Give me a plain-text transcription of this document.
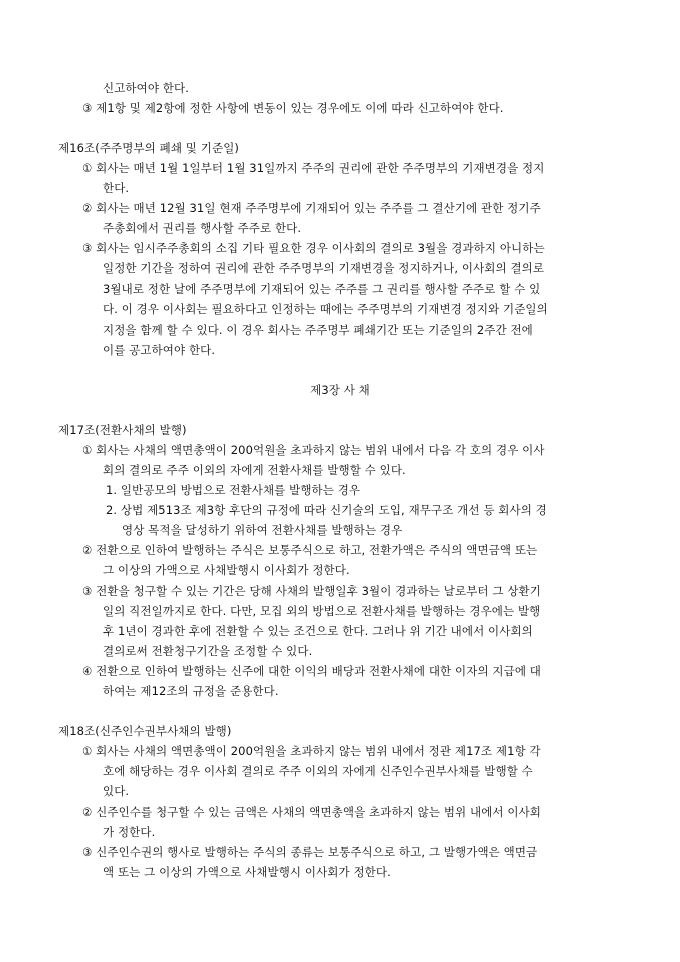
신고하여야 한다.
③ 제1항 및 제2항에 정한 사항에 변동이 있는 경우에도 이에 따라 신고하여야 한다.
제16조(주주명부의 폐쇄 및 기준일)
① 회사는 매년 1월 1일부터 1월 31일까지 주주의 권리에 관한 주주명부의 기재변경을 정지
한다.
② 회사는 매년 12월 31일 현재 주주명부에 기재되어 있는 주주를 그 결산기에 관한 정기주
주총회에서 권리를 행사할 주주로 한다.
③ 회사는 임시주주총회의 소집 기타 필요한 경우 이사회의 결의로 3월을 경과하지 아니하는
일정한 기간을 정하여 권리에 관한 주주명부의 기재변경을 정지하거나, 이사회의 결의로
3월내로 정한 날에 주주명부에 기재되어 있는 주주를 그 권리를 행사할 주주로 할 수 있
다. 이 경우 이사회는 필요하다고 인정하는 때에는 주주명부의 기재변경 정지와 기준일의
지정을 함께 할 수 있다. 이 경우 회사는 주주명부 폐쇄기간 또는 기준일의 2주간 전에
이를 공고하여야 한다.
제3장 사 채
제17조(전환사채의 발행)
① 회사는 사채의 액면총액이 200억원을 초과하지 않는 범위 내에서 다음 각 호의 경우 이사
회의 결의로 주주 이외의 자에게 전환사채를 발행할 수 있다.
1. 일반공모의 방법으로 전환사채를 발행하는 경우
2. 상법 제513조 제3항 후단의 규정에 따라 신기술의 도입, 재무구조 개선 등 회사의 경
영상 목적을 달성하기 위하여 전환사채를 발행하는 경우
② 전환으로 인하여 발행하는 주식은 보통주식으로 하고, 전환가액은 주식의 액면금액 또는
그 이상의 가액으로 사채발행시 이사회가 정한다.
③ 전환을 청구할 수 있는 기간은 당해 사채의 발행일후 3월이 경과하는 날로부터 그 상환기
일의 직전일까지로 한다. 다만, 모집 외의 방법으로 전환사채를 발행하는 경우에는 발행
후 1년이 경과한 후에 전환할 수 있는 조건으로 한다. 그러나 위 기간 내에서 이사회의
결의로써 전환청구기간을 조정할 수 있다.
④ 전환으로 인하여 발행하는 신주에 대한 이익의 배당과 전환사채에 대한 이자의 지급에 대
하여는 제12조의 규정을 준용한다.
제18조(신주인수권부사채의 발행)
① 회사는 사채의 액면총액이 200억원을 초과하지 않는 범위 내에서 정관 제17조 제1항 각
호에 해당하는 경우 이사회 결의로 주주 이외의 자에게 신주인수권부사채를 발행할 수
있다.
② 신주인수를 청구할 수 있는 금액은 사채의 액면총액을 초과하지 않는 범위 내에서 이사회
가 정한다.
③ 신주인수권의 행사로 발행하는 주식의 종류는 보통주식으로 하고, 그 발행가액은 액면금
액 또는 그 이상의 가액으로 사채발행시 이사회가 정한다.
